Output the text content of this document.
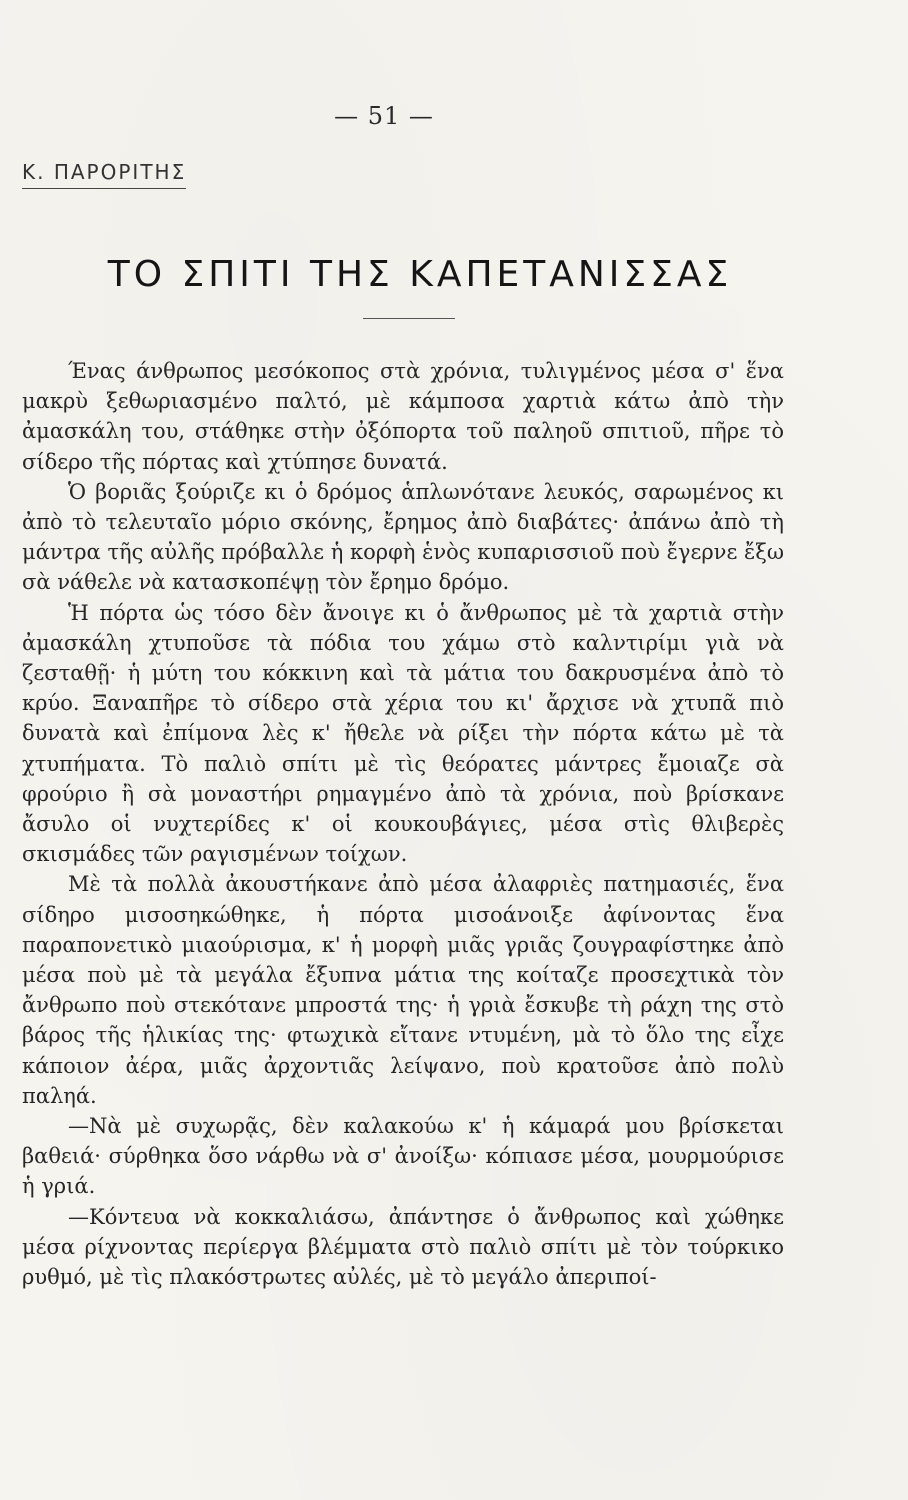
— 51 —
Κ. ΠΑΡΟΡΙΤΗΣ
ΤΟ ΣΠΙΤΙ ΤΗΣ ΚΑΠΕΤΑΝΙΣΣΑΣ

Ένας άνθρωπος μεσόκοπος στὰ χρόνια, τυλιγμένος μέσα σ' ἕνα μακρὺ ξεθωριασμένο παλτό, μὲ κάμποσα χαρτιὰ κάτω ἀπὸ τὴν ἀμασκάλη του, στάθηκε στὴν ὀξόπορτα τοῦ παληοῦ σπιτιοῦ, πῆρε τὸ σίδερο τῆς πόρτας καὶ χτύπησε δυνατά.

Ὁ βοριᾶς ξούριζε κι ὁ δρόμος ἁπλωνότανε λευκός, σαρωμένος κι ἀπὸ τὸ τελευταῖο μόριο σκόνης, ἔρημος ἀπὸ διαβάτες· ἀπάνω ἀπὸ τὴ μάντρα τῆς αὐλῆς πρόβαλλε ἡ κορφὴ ἑνὸς κυπαρισσιοῦ ποὺ ἔγερνε ἔξω σὰ νάθελε νὰ κατασκοπέψῃ τὸν ἔρημο δρόμο.

Ἡ πόρτα ὡς τόσο δὲν ἄνοιγε κι ὁ ἄνθρωπος μὲ τὰ χαρτιὰ στὴν ἀμασκάλη χτυποῦσε τὰ πόδια του χάμω στὸ καλντιρίμι γιὰ νὰ ζεσταθῇ· ἡ μύτη του κόκκινη καὶ τὰ μάτια του δακρυσμένα ἀπὸ τὸ κρύο. Ξαναπῆρε τὸ σίδερο στὰ χέρια του κι' ἄρχισε νὰ χτυπᾶ πιὸ δυνατὰ καὶ ἐπίμονα λὲς κ' ἤθελε νὰ ρίξει τὴν πόρτα κάτω μὲ τὰ χτυπήματα. Τὸ παλιὸ σπίτι μὲ τὶς θεόρατες μάντρες ἔμοιαζε σὰ φρούριο ἢ σὰ μοναστήρι ρημαγμένο ἀπὸ τὰ χρόνια, ποὺ βρίσκανε ἄσυλο οἱ νυχτερίδες κ' οἱ κουκουβάγιες, μέσα στὶς θλιβερὲς σκισμάδες τῶν ραγισμένων τοίχων.

Μὲ τὰ πολλὰ ἀκουστήκανε ἀπὸ μέσα ἀλαφριὲς πατημασιές, ἕνα σίδηρο μισοσηκώθηκε, ἡ πόρτα μισοάνοιξε ἀφίνοντας ἕνα παραπονετικὸ μιαούρισμα, κ' ἡ μορφὴ μιᾶς γριᾶς ζουγραφίστηκε ἀπὸ μέσα ποὺ μὲ τὰ μεγάλα ἔξυπνα μάτια της κοίταζε προσεχτικὰ τὸν ἄνθρωπο ποὺ στεκότανε μπροστά της· ἡ γριὰ ἔσκυβε τὴ ράχη της στὸ βάρος τῆς ἡλικίας της· φτωχικὰ εἴτανε ντυμένη, μὰ τὸ ὅλο της εἶχε κάποιον ἀέρα, μιᾶς ἀρχοντιᾶς λείψανο, ποὺ κρατοῦσε ἀπὸ πολὺ παληά.

—Νὰ μὲ συχωρᾷς, δὲν καλακούω κ' ἡ κάμαρά μου βρίσκεται βαθειά· σύρθηκα ὅσο νάρθω νὰ σ' ἀνοίξω· κόπιασε μέσα, μουρμούρισε ἡ γριά.

—Κόντευα νὰ κοκκαλιάσω, ἀπάντησε ὁ ἄνθρωπος καὶ χώθηκε μέσα ρίχνοντας περίεργα βλέμματα στὸ παλιὸ σπίτι μὲ τὸν τούρκικο ρυθμό, μὲ τὶς πλακόστρωτες αὐλές, μὲ τὸ μεγάλο ἀπεριποί-
